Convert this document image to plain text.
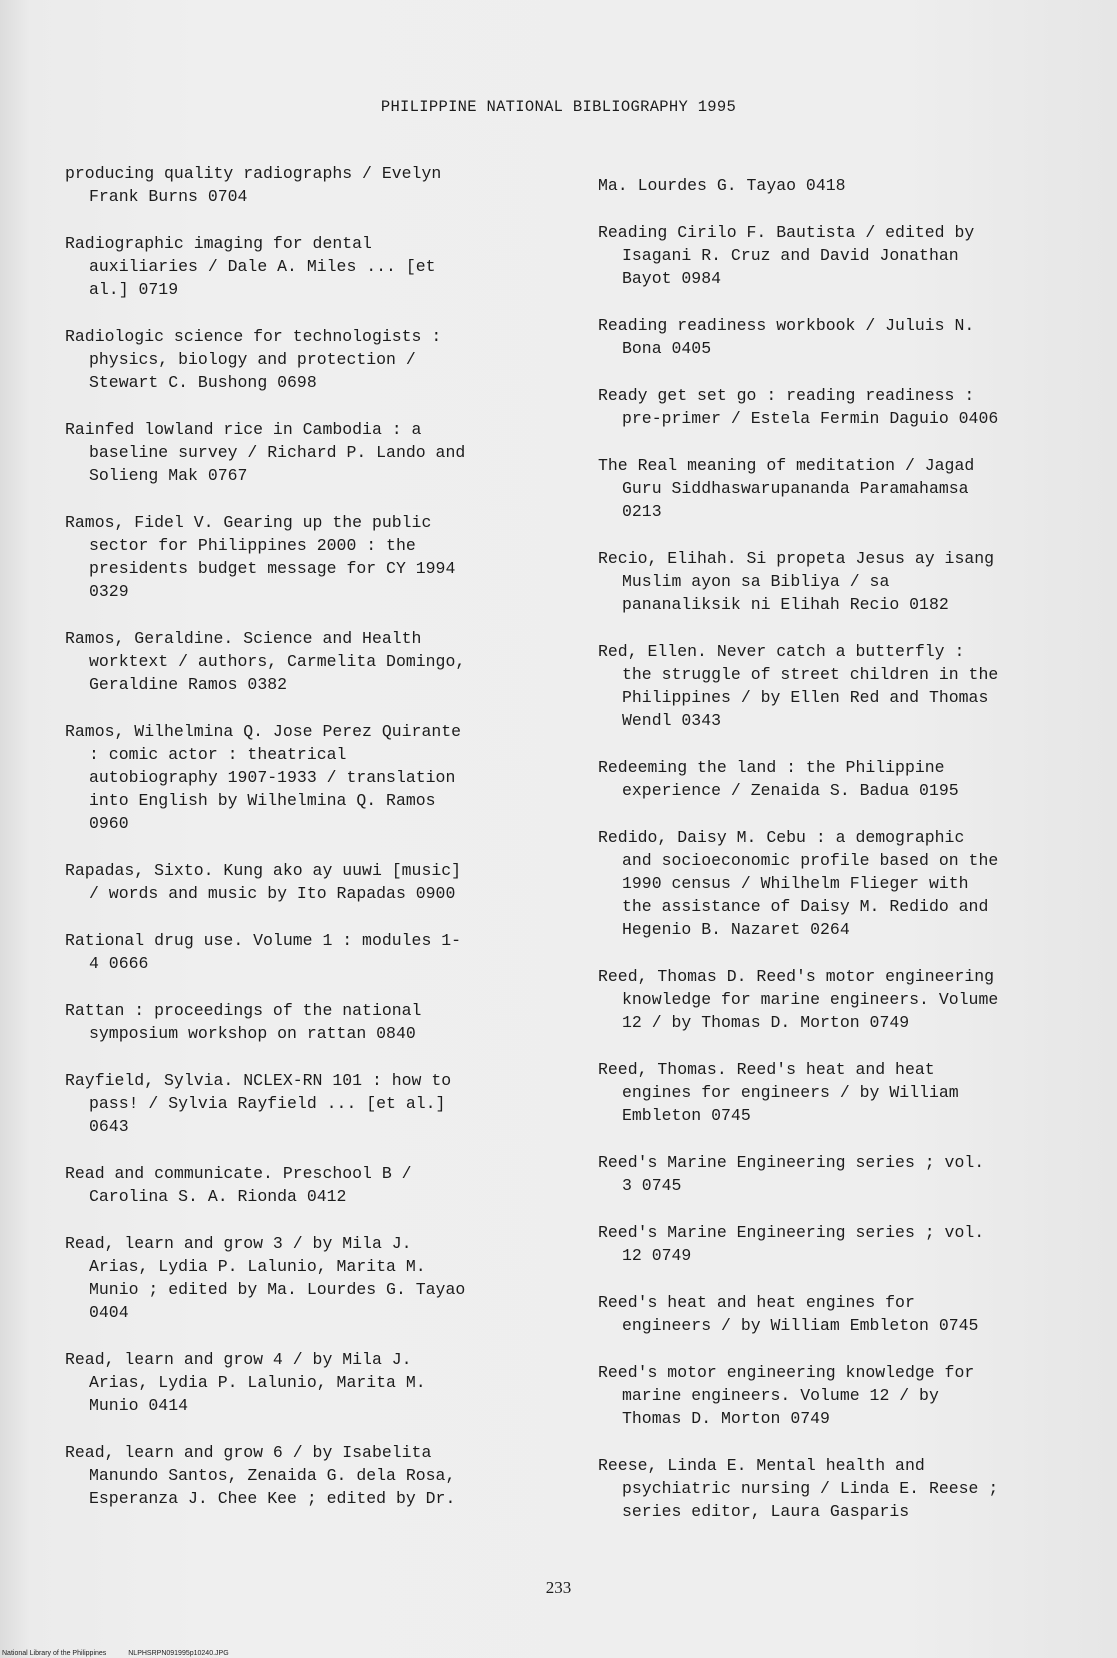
PHILIPPINE NATIONAL BIBLIOGRAPHY 1995
producing quality radiographs / Evelyn
Frank Burns 0704
Radiographic imaging for dental
auxiliaries / Dale A. Miles ... [et
al.] 0719
Radiologic science for technologists :
physics, biology and protection /
Stewart C. Bushong 0698
Rainfed lowland rice in Cambodia : a
baseline survey / Richard P. Lando and
Solieng Mak 0767
Ramos, Fidel V. Gearing up the public
sector for Philippines 2000 : the
presidents budget message for CY 1994
0329
Ramos, Geraldine. Science and Health
worktext / authors, Carmelita Domingo,
Geraldine Ramos 0382
Ramos, Wilhelmina Q. Jose Perez Quirante
: comic actor : theatrical
autobiography 1907-1933 / translation
into English by Wilhelmina Q. Ramos
0960
Rapadas, Sixto. Kung ako ay uuwi [music]
/ words and music by Ito Rapadas 0900
Rational drug use. Volume 1 : modules 1-
4 0666
Rattan : proceedings of the national
symposium workshop on rattan 0840
Rayfield, Sylvia. NCLEX-RN 101 : how to
pass! / Sylvia Rayfield ... [et al.]
0643
Read and communicate. Preschool B /
Carolina S. A. Rionda 0412
Read, learn and grow 3 / by Mila J.
Arias, Lydia P. Lalunio, Marita M.
Munio ; edited by Ma. Lourdes G. Tayao
0404
Read, learn and grow 4 / by Mila J.
Arias, Lydia P. Lalunio, Marita M.
Munio 0414
Read, learn and grow 6 / by Isabelita
Manundo Santos, Zenaida G. dela Rosa,
Esperanza J. Chee Kee ; edited by Dr.
Ma. Lourdes G. Tayao 0418
Reading Cirilo F. Bautista / edited by
Isagani R. Cruz and David Jonathan
Bayot 0984
Reading readiness workbook / Juluis N.
Bona 0405
Ready get set go : reading readiness :
pre-primer / Estela Fermin Daguio 0406
The Real meaning of meditation / Jagad
Guru Siddhaswarupananda Paramahamsa
0213
Recio, Elihah. Si propeta Jesus ay isang
Muslim ayon sa Bibliya / sa
pananaliksik ni Elihah Recio 0182
Red, Ellen. Never catch a butterfly :
the struggle of street children in the
Philippines / by Ellen Red and Thomas
Wendl 0343
Redeeming the land : the Philippine
experience / Zenaida S. Badua 0195
Redido, Daisy M. Cebu : a demographic
and socioeconomic profile based on the
1990 census / Whilhelm Flieger with
the assistance of Daisy M. Redido and
Hegenio B. Nazaret 0264
Reed, Thomas D. Reed's motor engineering
knowledge for marine engineers. Volume
12 / by Thomas D. Morton 0749
Reed, Thomas. Reed's heat and heat
engines for engineers / by William
Embleton 0745
Reed's Marine Engineering series ; vol.
3 0745
Reed's Marine Engineering series ; vol.
12 0749
Reed's heat and heat engines for
engineers / by William Embleton 0745
Reed's motor engineering knowledge for
marine engineers. Volume 12 / by
Thomas D. Morton 0749
Reese, Linda E. Mental health and
psychiatric nursing / Linda E. Reese ;
series editor, Laura Gasparis
233
National Library of the Philippines	NLPHSRPN091995p10240.JPG
